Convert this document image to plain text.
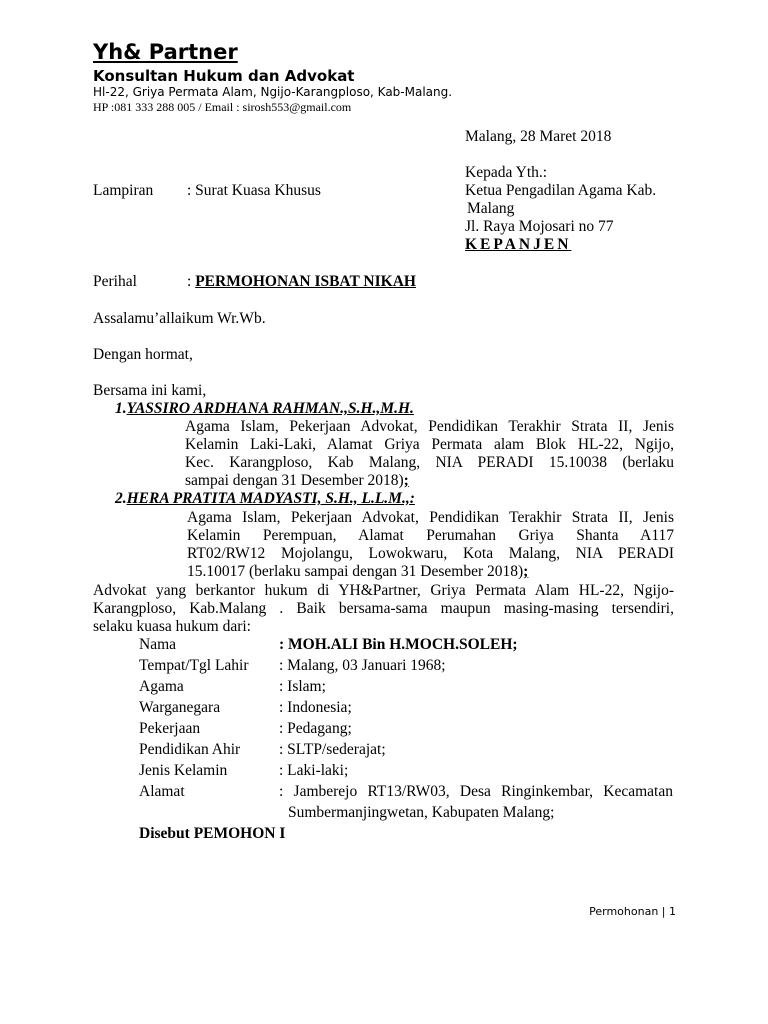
Yh& Partner
Konsultan Hukum dan Advokat
Hl-22, Griya Permata Alam, Ngijo-Karangploso, Kab-Malang.
HP :081 333 288 005 / Email : sirosh553@gmail.com
Malang, 28 Maret 2018
Kepada Yth.:
Ketua Pengadilan Agama Kab.
Malang
Jl. Raya Mojosari no 77
KEPANJEN
Lampiran : Surat Kuasa Khusus
Perihal	: PERMOHONAN ISBAT NIKAH
Assalamu’allaikum Wr.Wb.
Dengan hormat,
Bersama ini kami,
1.YASSIRO ARDHANA RAHMAN.,S.H.,M.H.
Agama Islam, Pekerjaan Advokat, Pendidikan Terakhir Strata II, Jenis
Kelamin Laki-Laki, Alamat Griya Permata alam Blok HL-22, Ngijo,
Kec. Karangploso, Kab Malang, NIA PERADI 15.10038 (berlaku
sampai dengan 31 Desember 2018);
2.HERA PRATITA MADYASTI, S.H., L.L.M.,:
Agama Islam, Pekerjaan Advokat, Pendidikan Terakhir Strata II, Jenis
Kelamin Perempuan, Alamat Perumahan Griya Shanta A117
RT02/RW12 Mojolangu, Lowokwaru, Kota Malang, NIA PERADI
15.10017 (berlaku sampai dengan 31 Desember 2018);
Advokat yang berkantor hukum di YH&Partner, Griya Permata Alam HL-22, Ngijo-
Karangploso, Kab.Malang . Baik bersama-sama maupun masing-masing tersendiri,
selaku kuasa hukum dari:
Nama	: MOH.ALI Bin H.MOCH.SOLEH;
Tempat/Tgl Lahir : Malang, 03 Januari 1968;
Agama	: Islam;
Warganegara	: Indonesia;
Pekerjaan	: Pedagang;
Pendidikan Ahir	: SLTP/sederajat;
Jenis Kelamin	: Laki-laki;
Alamat	: Jamberejo RT13/RW03, Desa Ringinkembar, Kecamatan
Sumbermanjingwetan, Kabupaten Malang;
Disebut PEMOHON I
Permohonan | 1
